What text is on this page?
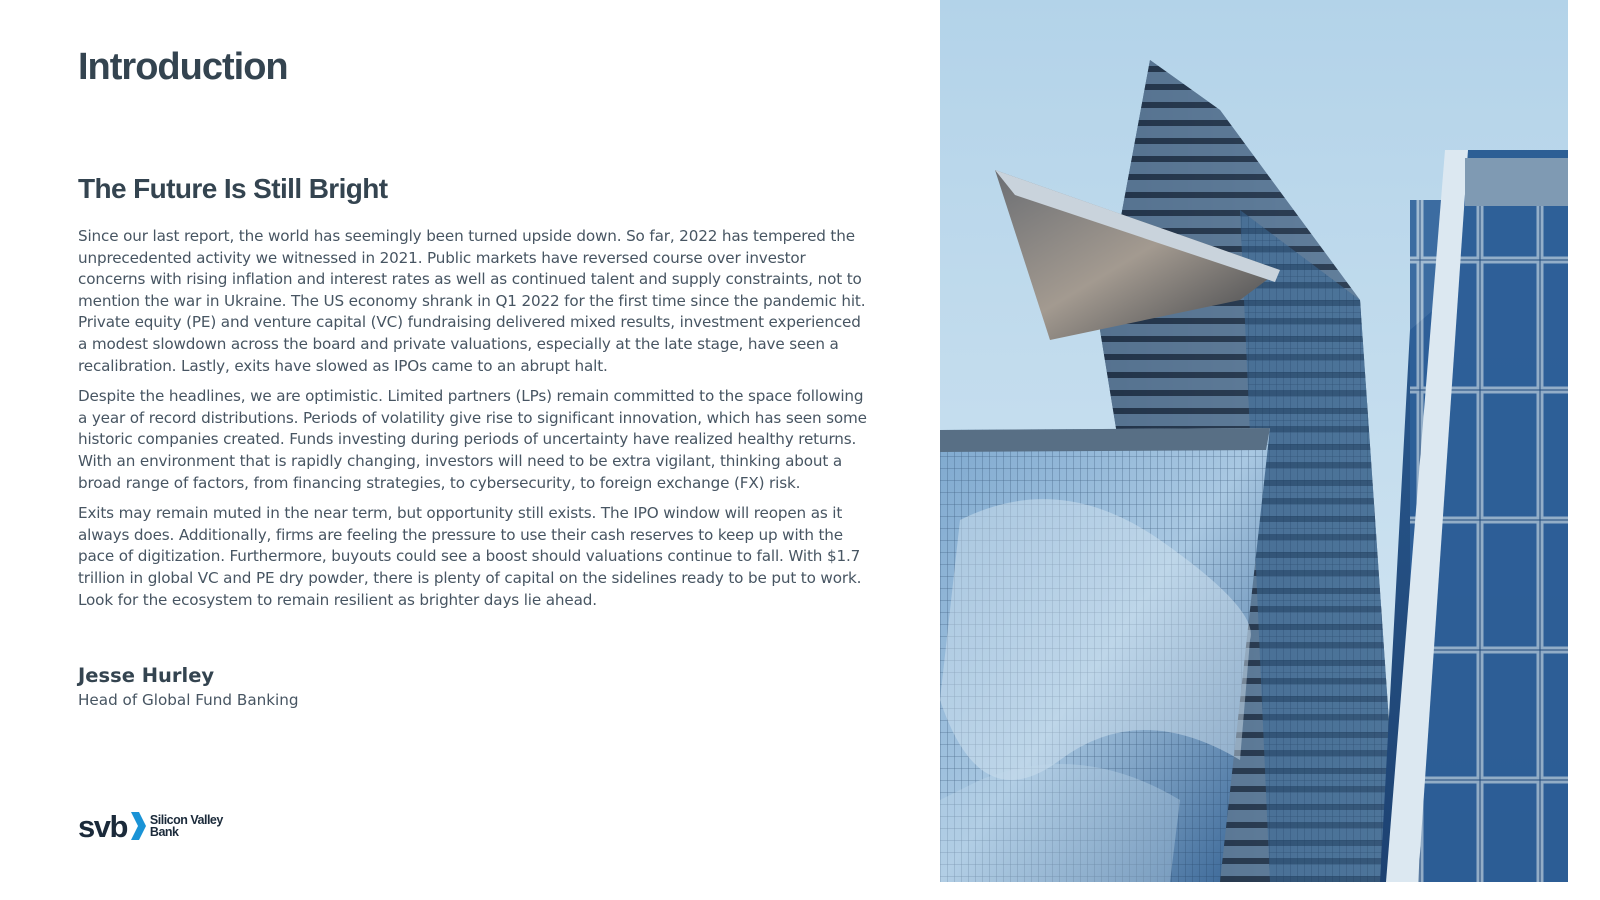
Introduction
The Future Is Still Bright

Since our last report, the world has seemingly been turned upside down. So far, 2022 has tempered the unprecedented activity we witnessed in 2021. Public markets have reversed course over investor concerns with rising inflation and interest rates as well as continued talent and supply constraints, not to mention the war in Ukraine. The US economy shrank in Q1 2022 for the first time since the pandemic hit. Private equity (PE) and venture capital (VC) fundraising delivered mixed results, investment experienced a modest slowdown across the board and private valuations, especially at the late stage, have seen a recalibration. Lastly, exits have slowed as IPOs came to an abrupt halt.

Despite the headlines, we are optimistic. Limited partners (LPs) remain committed to the space following a year of record distributions. Periods of volatility give rise to significant innovation, which has seen some historic companies created. Funds investing during periods of uncertainty have realized healthy returns. With an environment that is rapidly changing, investors will need to be extra vigilant, thinking about a broad range of factors, from financing strategies, to cybersecurity, to foreign exchange (FX) risk.

Exits may remain muted in the near term, but opportunity still exists. The IPO window will reopen as it always does. Additionally, firms are feeling the pressure to use their cash reserves to keep up with the pace of digitization. Furthermore, buyouts could see a boost should valuations continue to fall. With $1.7 trillion in global VC and PE dry powder, there is plenty of capital on the sidelines ready to be put to work. Look for the ecosystem to remain resilient as brighter days lie ahead.

Jesse Hurley
Head of Global Fund Banking
svb Silicon Valley
Bank
